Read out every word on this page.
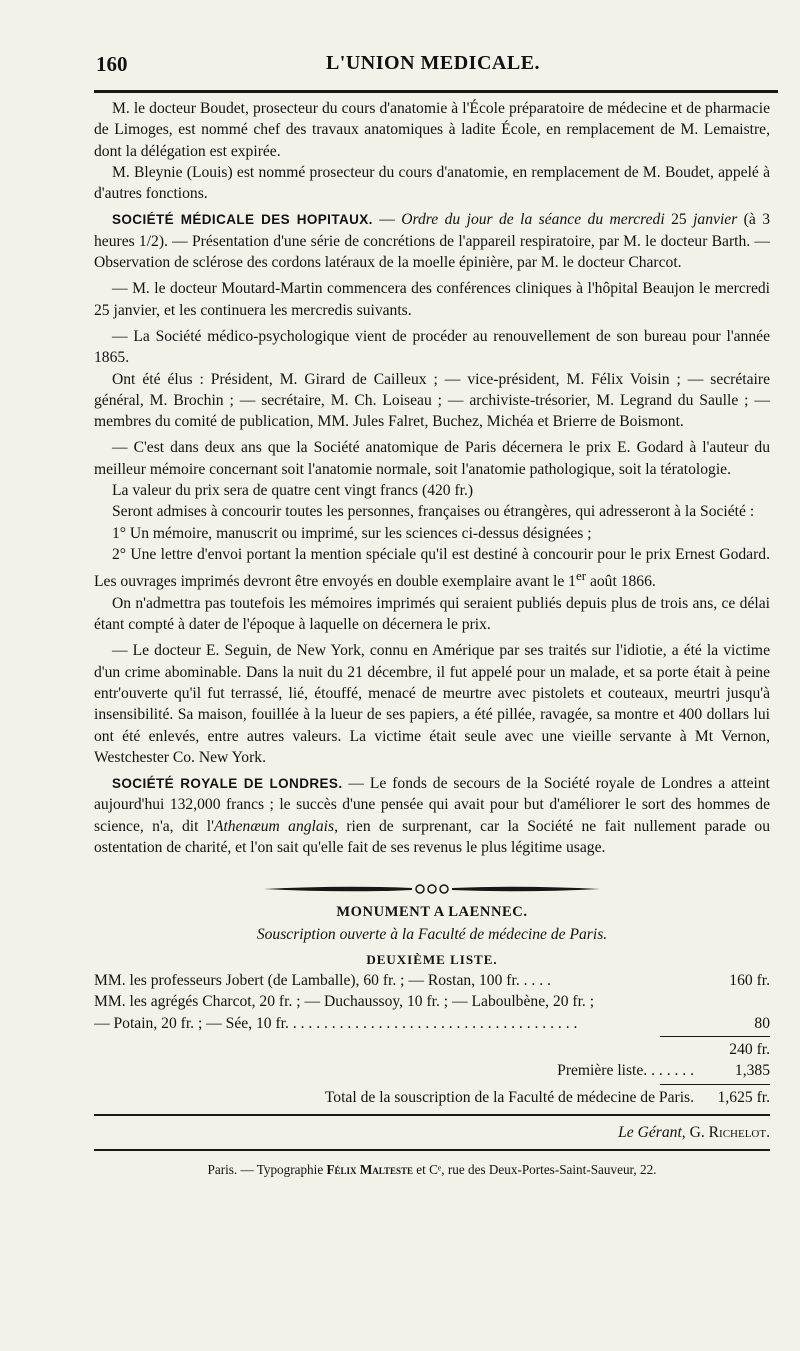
160	L'UNION MEDICALE.

M. le docteur Boudet, prosecteur du cours d'anatomie à l'École préparatoire de médecine et de pharmacie de Limoges, est nommé chef des travaux anatomiques à ladite École, en remplacement de M. Lemaistre, dont la délégation est expirée.

M. Bleynie (Louis) est nommé prosecteur du cours d'anatomie, en remplacement de M. Boudet, appelé à d'autres fonctions.

SOCIÉTÉ MÉDICALE DES HOPITAUX. — Ordre du jour de la séance du mercredi 25 janvier (à 3 heures 1/2). — Présentation d'une série de concrétions de l'appareil respiratoire, par M. le docteur Barth. — Observation de sclérose des cordons latéraux de la moelle épinière, par M. le docteur Charcot.

— M. le docteur Moutard-Martin commencera des conférences cliniques à l'hôpital Beaujon le mercredi 25 janvier, et les continuera les mercredis suivants.

— La Société médico-psychologique vient de procéder au renouvellement de son bureau pour l'année 1865.

Ont été élus : Président, M. Girard de Cailleux ; — vice-président, M. Félix Voisin ; — secrétaire général, M. Brochin ; — secrétaire, M. Ch. Loiseau ; — archiviste-trésorier, M. Legrand du Saulle ; — membres du comité de publication, MM. Jules Falret, Buchez, Michéa et Brierre de Boismont.

— C'est dans deux ans que la Société anatomique de Paris décernera le prix E. Godard à l'auteur du meilleur mémoire concernant soit l'anatomie normale, soit l'anatomie pathologique, soit la tératologie.

La valeur du prix sera de quatre cent vingt francs (420 fr.)

Seront admises à concourir toutes les personnes, françaises ou étrangères, qui adresseront à la Société :

1° Un mémoire, manuscrit ou imprimé, sur les sciences ci-dessus désignées ;

2° Une lettre d'envoi portant la mention spéciale qu'il est destiné à concourir pour le prix Ernest Godard. Les ouvrages imprimés devront être envoyés en double exemplaire avant le 1er août 1866.

On n'admettra pas toutefois les mémoires imprimés qui seraient publiés depuis plus de trois ans, ce délai étant compté à dater de l'époque à laquelle on décernera le prix.

— Le docteur E. Seguin, de New York, connu en Amérique par ses traités sur l'idiotie, a été la victime d'un crime abominable. Dans la nuit du 21 décembre, il fut appelé pour un malade, et sa porte était à peine entr'ouverte qu'il fut terrassé, lié, étouffé, menacé de meurtre avec pistolets et couteaux, meurtri jusqu'à insensibilité. Sa maison, fouillée à la lueur de ses papiers, a été pillée, ravagée, sa montre et 400 dollars lui ont été enlevés, entre autres valeurs. La victime était seule avec une vieille servante à Mt Vernon, Westchester Co. New York.

SOCIÉTÉ ROYALE DE LONDRES. — Le fonds de secours de la Société royale de Londres a atteint aujourd'hui 132,000 francs ; le succès d'une pensée qui avait pour but d'améliorer le sort des hommes de science, n'a, dit l'Athenæum anglais, rien de surprenant, car la Société ne fait nullement parade ou ostentation de charité, et l'on sait qu'elle fait de ses revenus le plus légitime usage.

MONUMENT A LAENNEC.
Souscription ouverte à la Faculté de médecine de Paris.
DEUXIÈME LISTE.
MM. les professeurs Jobert (de Lamballe), 60 fr. ; — Rostan, 100 fr. . . . .	160 fr.
MM. les agrégés Charcot, 20 fr. ; — Duchaussoy, 10 fr. ; — Laboulbène, 20 fr. ;
— Potain, 20 fr. ; — Sée, 10 fr. . . . . . . . . . . . . . . . . . . . . . . . . . . . . . . . . . . . . .	80
240 fr.
Première liste. . . . . . .	1,385
Total de la souscription de la Faculté de médecine de Paris.	1,625 fr.
Le Gérant, G. Richelot.
Paris. — Typographie Félix Malteste et Cᵉ, rue des Deux-Portes-Saint-Sauveur, 22.
